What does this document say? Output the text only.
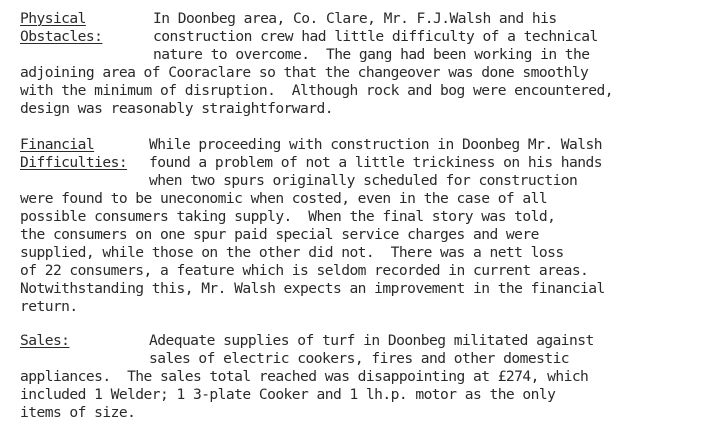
Physical
Obstacles:
In Doonbeg area, Co. Clare, Mr. F.J.Walsh and his
construction crew had little difficulty of a technical
nature to overcome.  The gang had been working in the
adjoining area of Cooraclare so that the changeover was done smoothly
with the minimum of disruption.  Although rock and bog were encountered,
design was reasonably straightforward.
Financial
Difficulties:
While proceeding with construction in Doonbeg Mr. Walsh
found a problem of not a little trickiness on his hands
when two spurs originally scheduled for construction
were found to be uneconomic when costed, even in the case of all
possible consumers taking supply.  When the final story was told,
the consumers on one spur paid special service charges and were
supplied, while those on the other did not.  There was a nett loss
of 22 consumers, a feature which is seldom recorded in current areas.
Notwithstanding this, Mr. Walsh expects an improvement in the financial
return.
Sales:	Adequate supplies of turf in Doonbeg militated against
sales of electric cookers, fires and other domestic
appliances.  The sales total reached was disappointing at £274, which
included 1 Welder; 1 3-plate Cooker and 1 lh.p. motor as the only
items of size.
